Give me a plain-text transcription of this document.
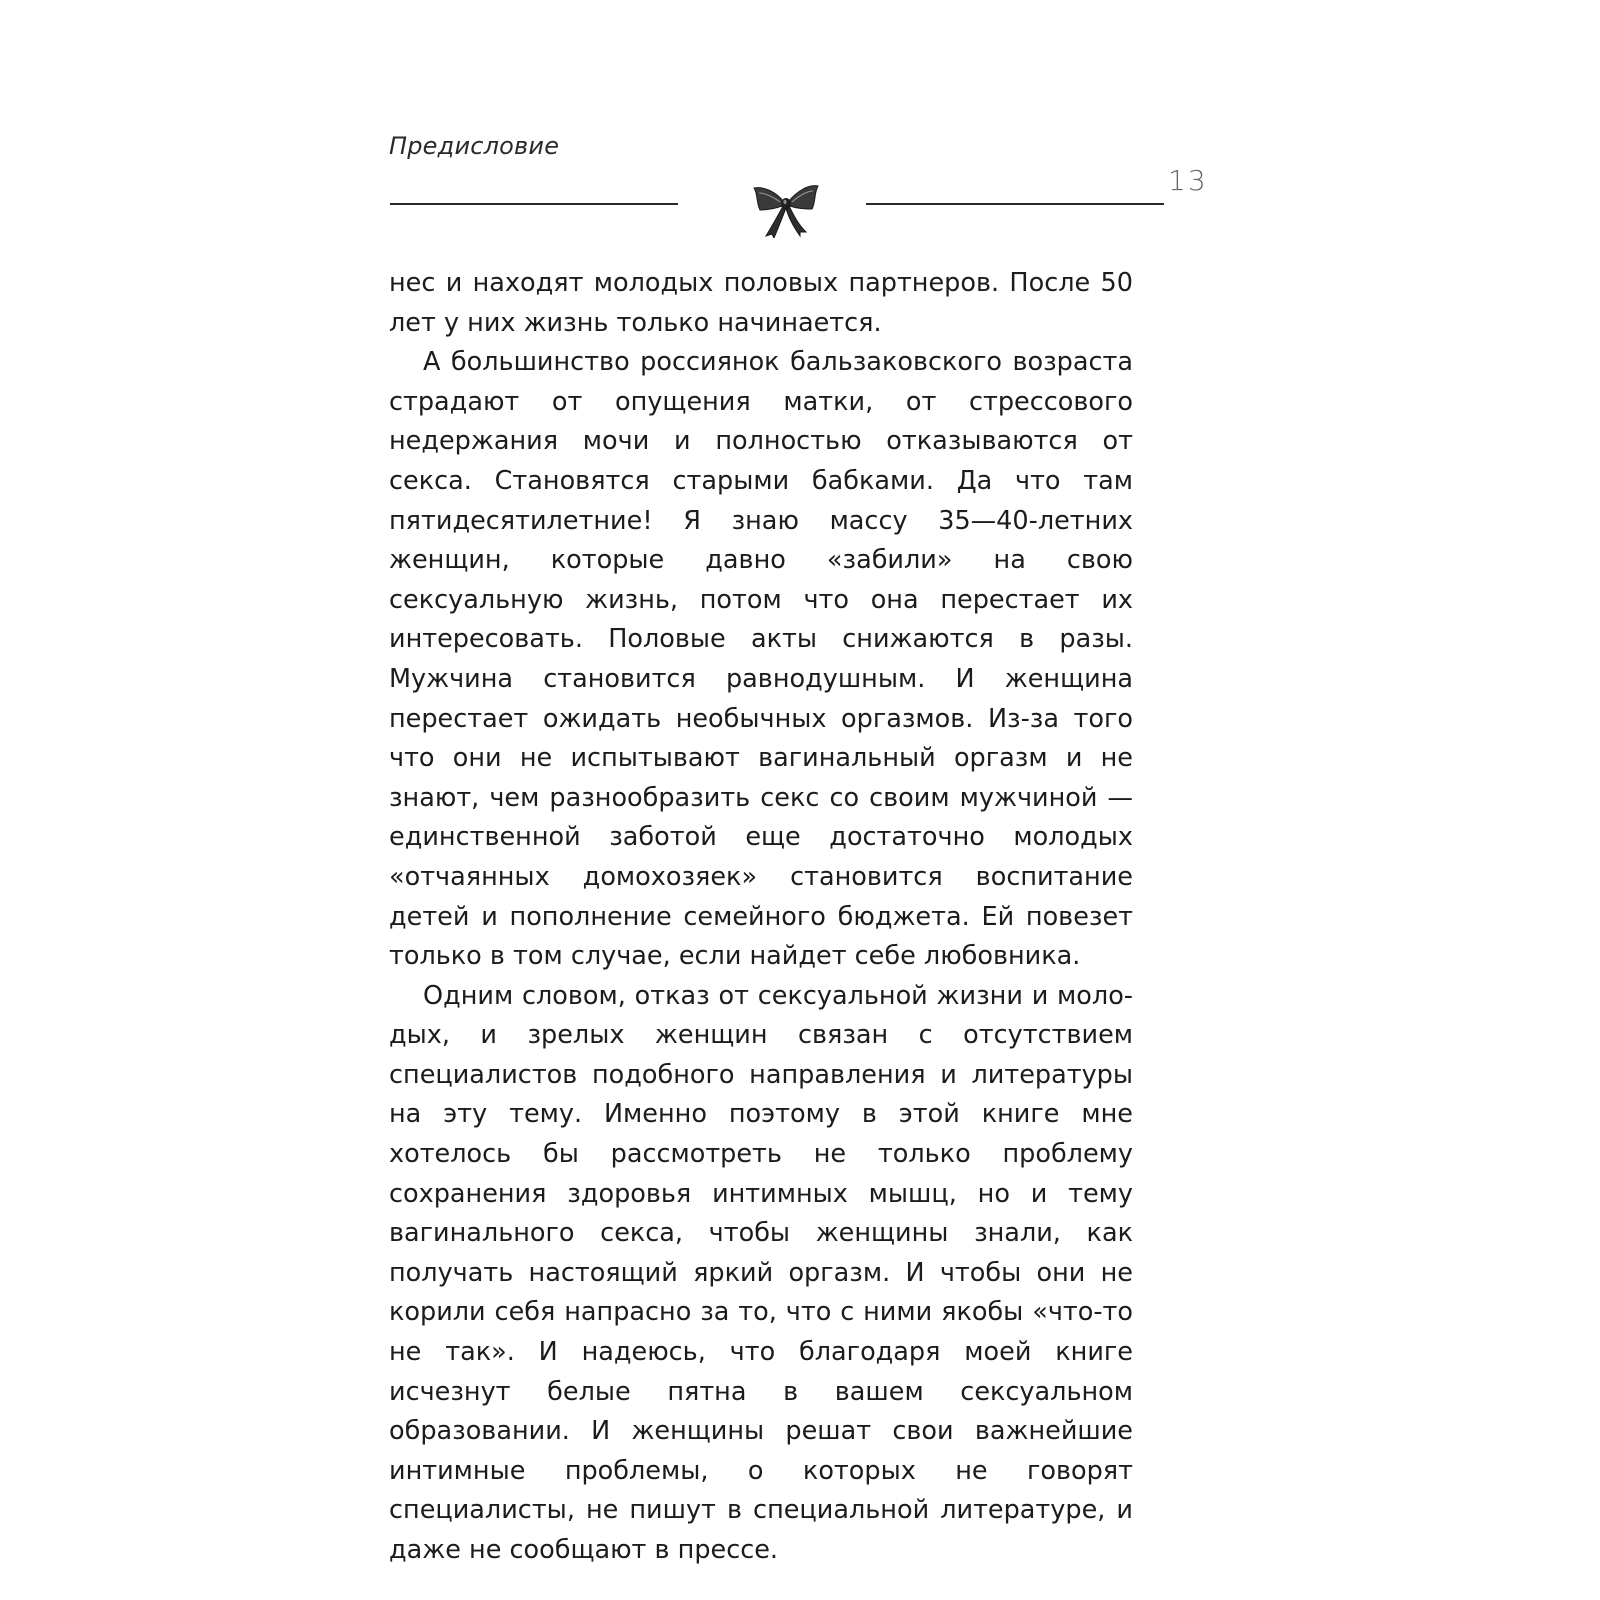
Предисловие
13

нес и находят молодых половых партнеров. После 50 лет у них жизнь только начинается.

А большинство россиянок бальзаковского возраста страдают от опущения матки, от стрессового недержания мочи и полностью отказываются от секса. Становятся старыми бабками. Да что там пятидесятилетние! Я знаю массу 35—40-летних женщин, которые давно «забили» на свою сексуальную жизнь, потом что она перестает их интересовать. Половые акты снижаются в разы. Мужчина становится равнодушным. И женщина перестает ожидать необычных оргазмов. Из-за того что они не испытывают вагинальный оргазм и не знают, чем разнообразить секс со своим мужчиной — единственной заботой еще достаточно молодых «отчаянных домохозяек» становится воспитание детей и пополнение семейного бюджета. Ей повезет только в том случае, если найдет себе любовника.

Одним словом, отказ от сексуальной жизни и молодых, и зрелых женщин связан с отсутствием специалистов подобного направления и литературы на эту тему. Именно поэтому в этой книге мне хотелось бы рассмотреть не только проблему сохранения здоровья интимных мышц, но и тему вагинального секса, чтобы женщины знали, как получать настоящий яркий оргазм. И чтобы они не корили себя напрасно за то, что с ними якобы «что-то не так». И надеюсь, что благодаря моей книге исчезнут белые пятна в вашем сексуальном образовании. И женщины решат свои важнейшие интимные проблемы, о которых не говорят специалисты, не пишут в специальной литературе, и даже не сообщают в прессе.
